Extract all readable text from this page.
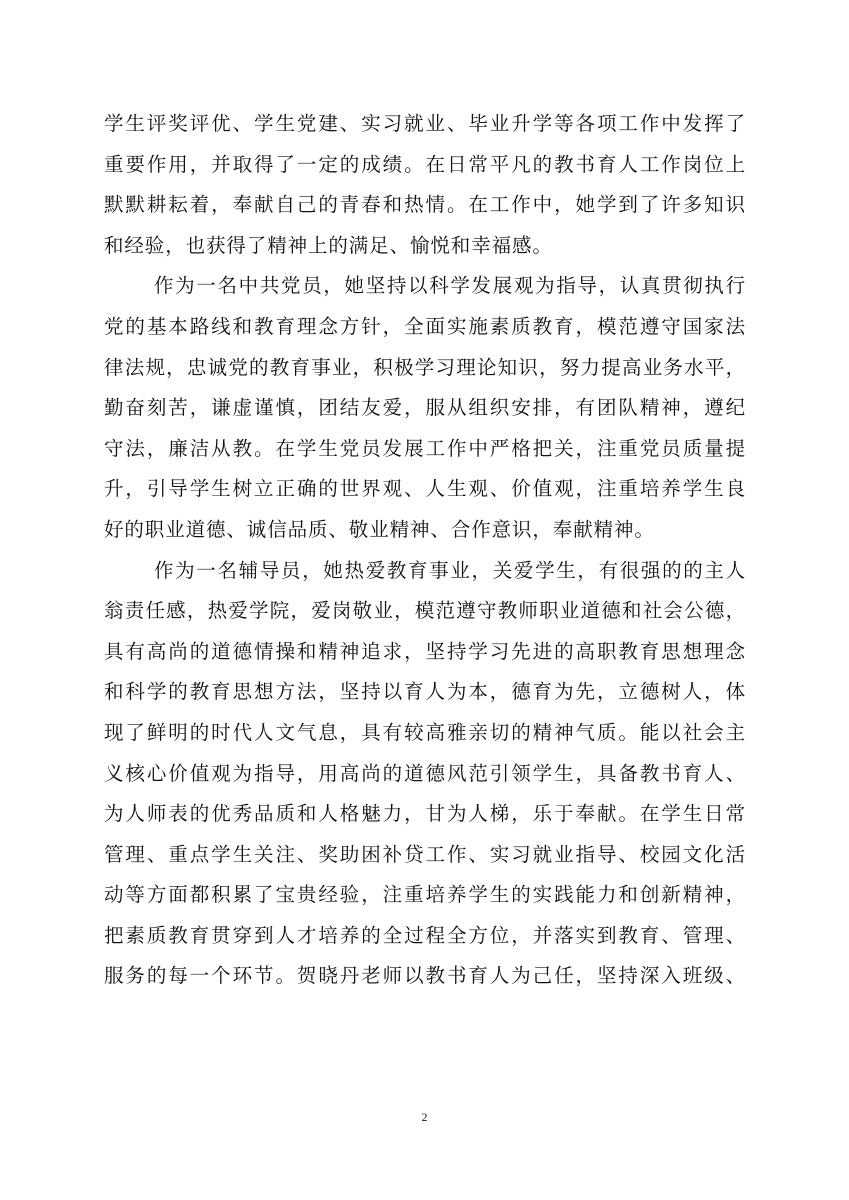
学生评奖评优、学生党建、实习就业、毕业升学等各项工作中发挥了
重要作用，并取得了一定的成绩。在日常平凡的教书育人工作岗位上
默默耕耘着，奉献自己的青春和热情。在工作中，她学到了许多知识
和经验，也获得了精神上的满足、愉悦和幸福感。
作为一名中共党员，她坚持以科学发展观为指导，认真贯彻执行
党的基本路线和教育理念方针，全面实施素质教育，模范遵守国家法
律法规，忠诚党的教育事业，积极学习理论知识，努力提高业务水平，
勤奋刻苦，谦虚谨慎，团结友爱，服从组织安排，有团队精神，遵纪
守法，廉洁从教。在学生党员发展工作中严格把关，注重党员质量提
升，引导学生树立正确的世界观、人生观、价值观，注重培养学生良
好的职业道德、诚信品质、敬业精神、合作意识，奉献精神。
作为一名辅导员，她热爱教育事业，关爱学生，有很强的的主人
翁责任感，热爱学院，爱岗敬业，模范遵守教师职业道德和社会公德，
具有高尚的道德情操和精神追求，坚持学习先进的高职教育思想理念
和科学的教育思想方法，坚持以育人为本，德育为先，立德树人，体
现了鲜明的时代人文气息，具有较高雅亲切的精神气质。能以社会主
义核心价值观为指导，用高尚的道德风范引领学生，具备教书育人、
为人师表的优秀品质和人格魅力，甘为人梯，乐于奉献。在学生日常
管理、重点学生关注、奖助困补贷工作、实习就业指导、校园文化活
动等方面都积累了宝贵经验，注重培养学生的实践能力和创新精神，
把素质教育贯穿到人才培养的全过程全方位，并落实到教育、管理、
服务的每一个环节。贺晓丹老师以教书育人为己任，坚持深入班级、
2
